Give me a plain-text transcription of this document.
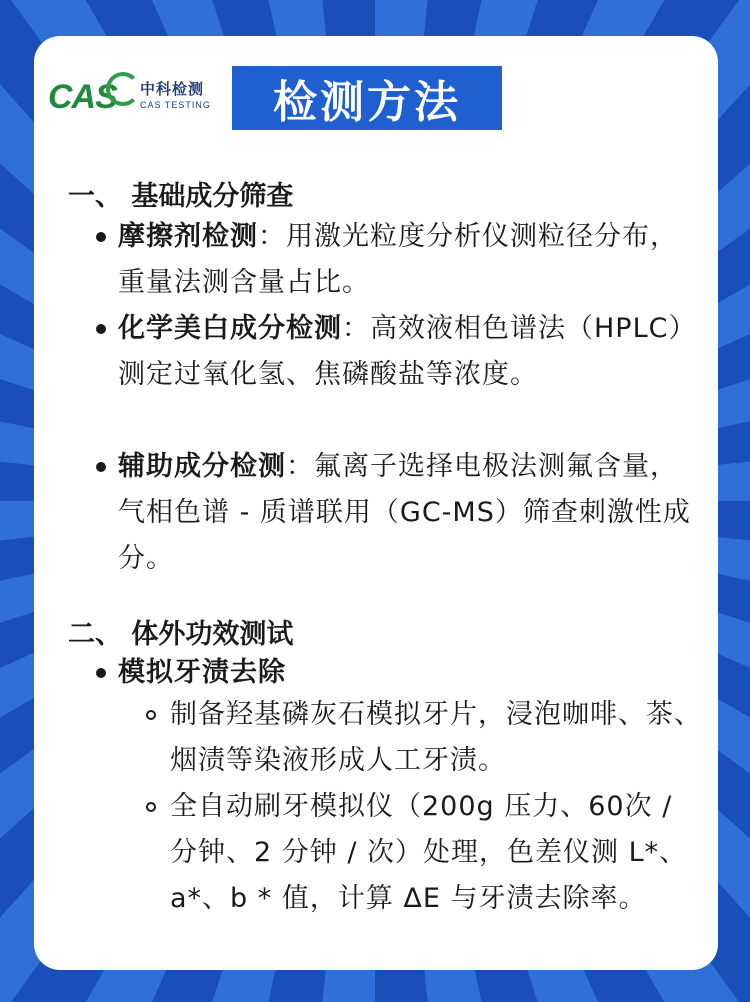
CAS 中科检测
CAS TESTING	检测方法
一、 基础成分筛查
摩擦剂检测：用激光粒度分析仪测粒径分布，重量法测含量占比。
化学美白成分检测：高效液相色谱法（HPLC）测定过氧化氢、焦磷酸盐等浓度。
辅助成分检测：氟离子选择电极法测氟含量，气相色谱 - 质谱联用（GC-MS）筛查刺激性成分。
二、 体外功效测试
模拟牙渍去除
制备羟基磷灰石模拟牙片，浸泡咖啡、茶、烟渍等染液形成人工牙渍。
全自动刷牙模拟仪（200g 压力、60次 / 分钟、2 分钟 / 次）处理，色差仪测 L*、a*、b * 值，计算 ΔE 与牙渍去除率。
